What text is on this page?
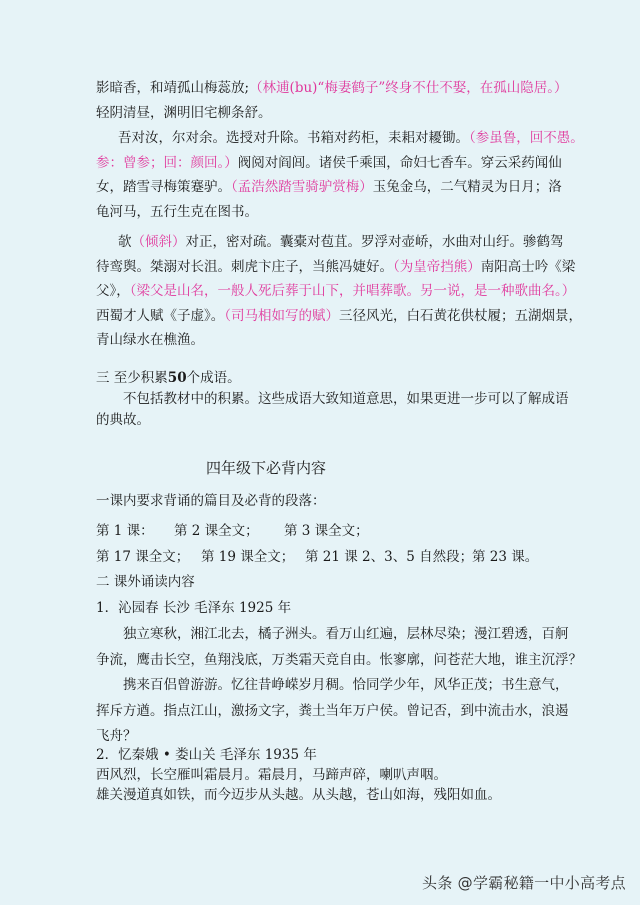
影暗香，和靖孤山梅蕊放;（林逋(bu)“梅妻鹤子”终身不仕不娶，在孤山隐居。）
轻阴清昼，渊明旧宅柳条舒。
吾对汝，尔对余。选授对升除。书箱对药柜，耒耜对耰锄。（参虽鲁，回不愚。
参：曾参；回：颜回。）阀阅对阎闾。诸侯千乘国，命妇七香车。穿云采药闻仙
女，踏雪寻梅策蹇驴。（孟浩然踏雪骑驴赏梅）玉兔金乌，二气精灵为日月；洛
龟河马，五行生克在图书。
欹（倾斜）对正，密对疏。囊橐对苞苴。罗浮对壶峤，水曲对山纡。骖鹤驾
待鸾舆。桀溺对长沮。刺虎卞庄子，当熊冯婕好。（为皇帝挡熊）南阳高士吟《梁
父》，（梁父是山名，一般人死后葬于山下，并唱葬歌。另一说，是一种歌曲名。）
西蜀才人赋《子虚》。（司马相如写的赋）三径风光，白石黄花供杖履；五湖烟景，
青山绿水在樵渔。
三 至少积累50个成语。
不包括教材中的积累。这些成语大致知道意思，如果更进一步可以了解成语
的典故。
四年级下必背内容
一课内要求背诵的篇目及必背的段落：
第 1 课： 第 2 课全文； 第 3 课全文；
第 17 课全文； 第 19 课全文； 第 21 课 2、3、5 自然段；
第 23 课。
二 课外诵读内容
1．沁园春 长沙 毛泽东 1925 年
独立寒秋，湘江北去，橘子洲头。看万山红遍，层林尽染；漫江碧透，百舸
争流，鹰击长空，鱼翔浅底，万类霜天竞自由。怅寥廓，问苍茫大地，谁主沉浮？
携来百侣曾游游。忆往昔峥嵘岁月稠。恰同学少年，风华正茂；书生意气，
挥斥方遒。指点江山，激扬文字，粪土当年万户侯。曾记否，到中流击水，浪遏
飞舟？
2．忆秦娥 • 娄山关 毛泽东 1935 年
西风烈，长空雁叫霜晨月。霜晨月，马蹄声碎，喇叭声咽。
雄关漫道真如铁，而今迈步从头越。从头越，苍山如海，残阳如血。
头条 @学霸秘籍一中小高考点
